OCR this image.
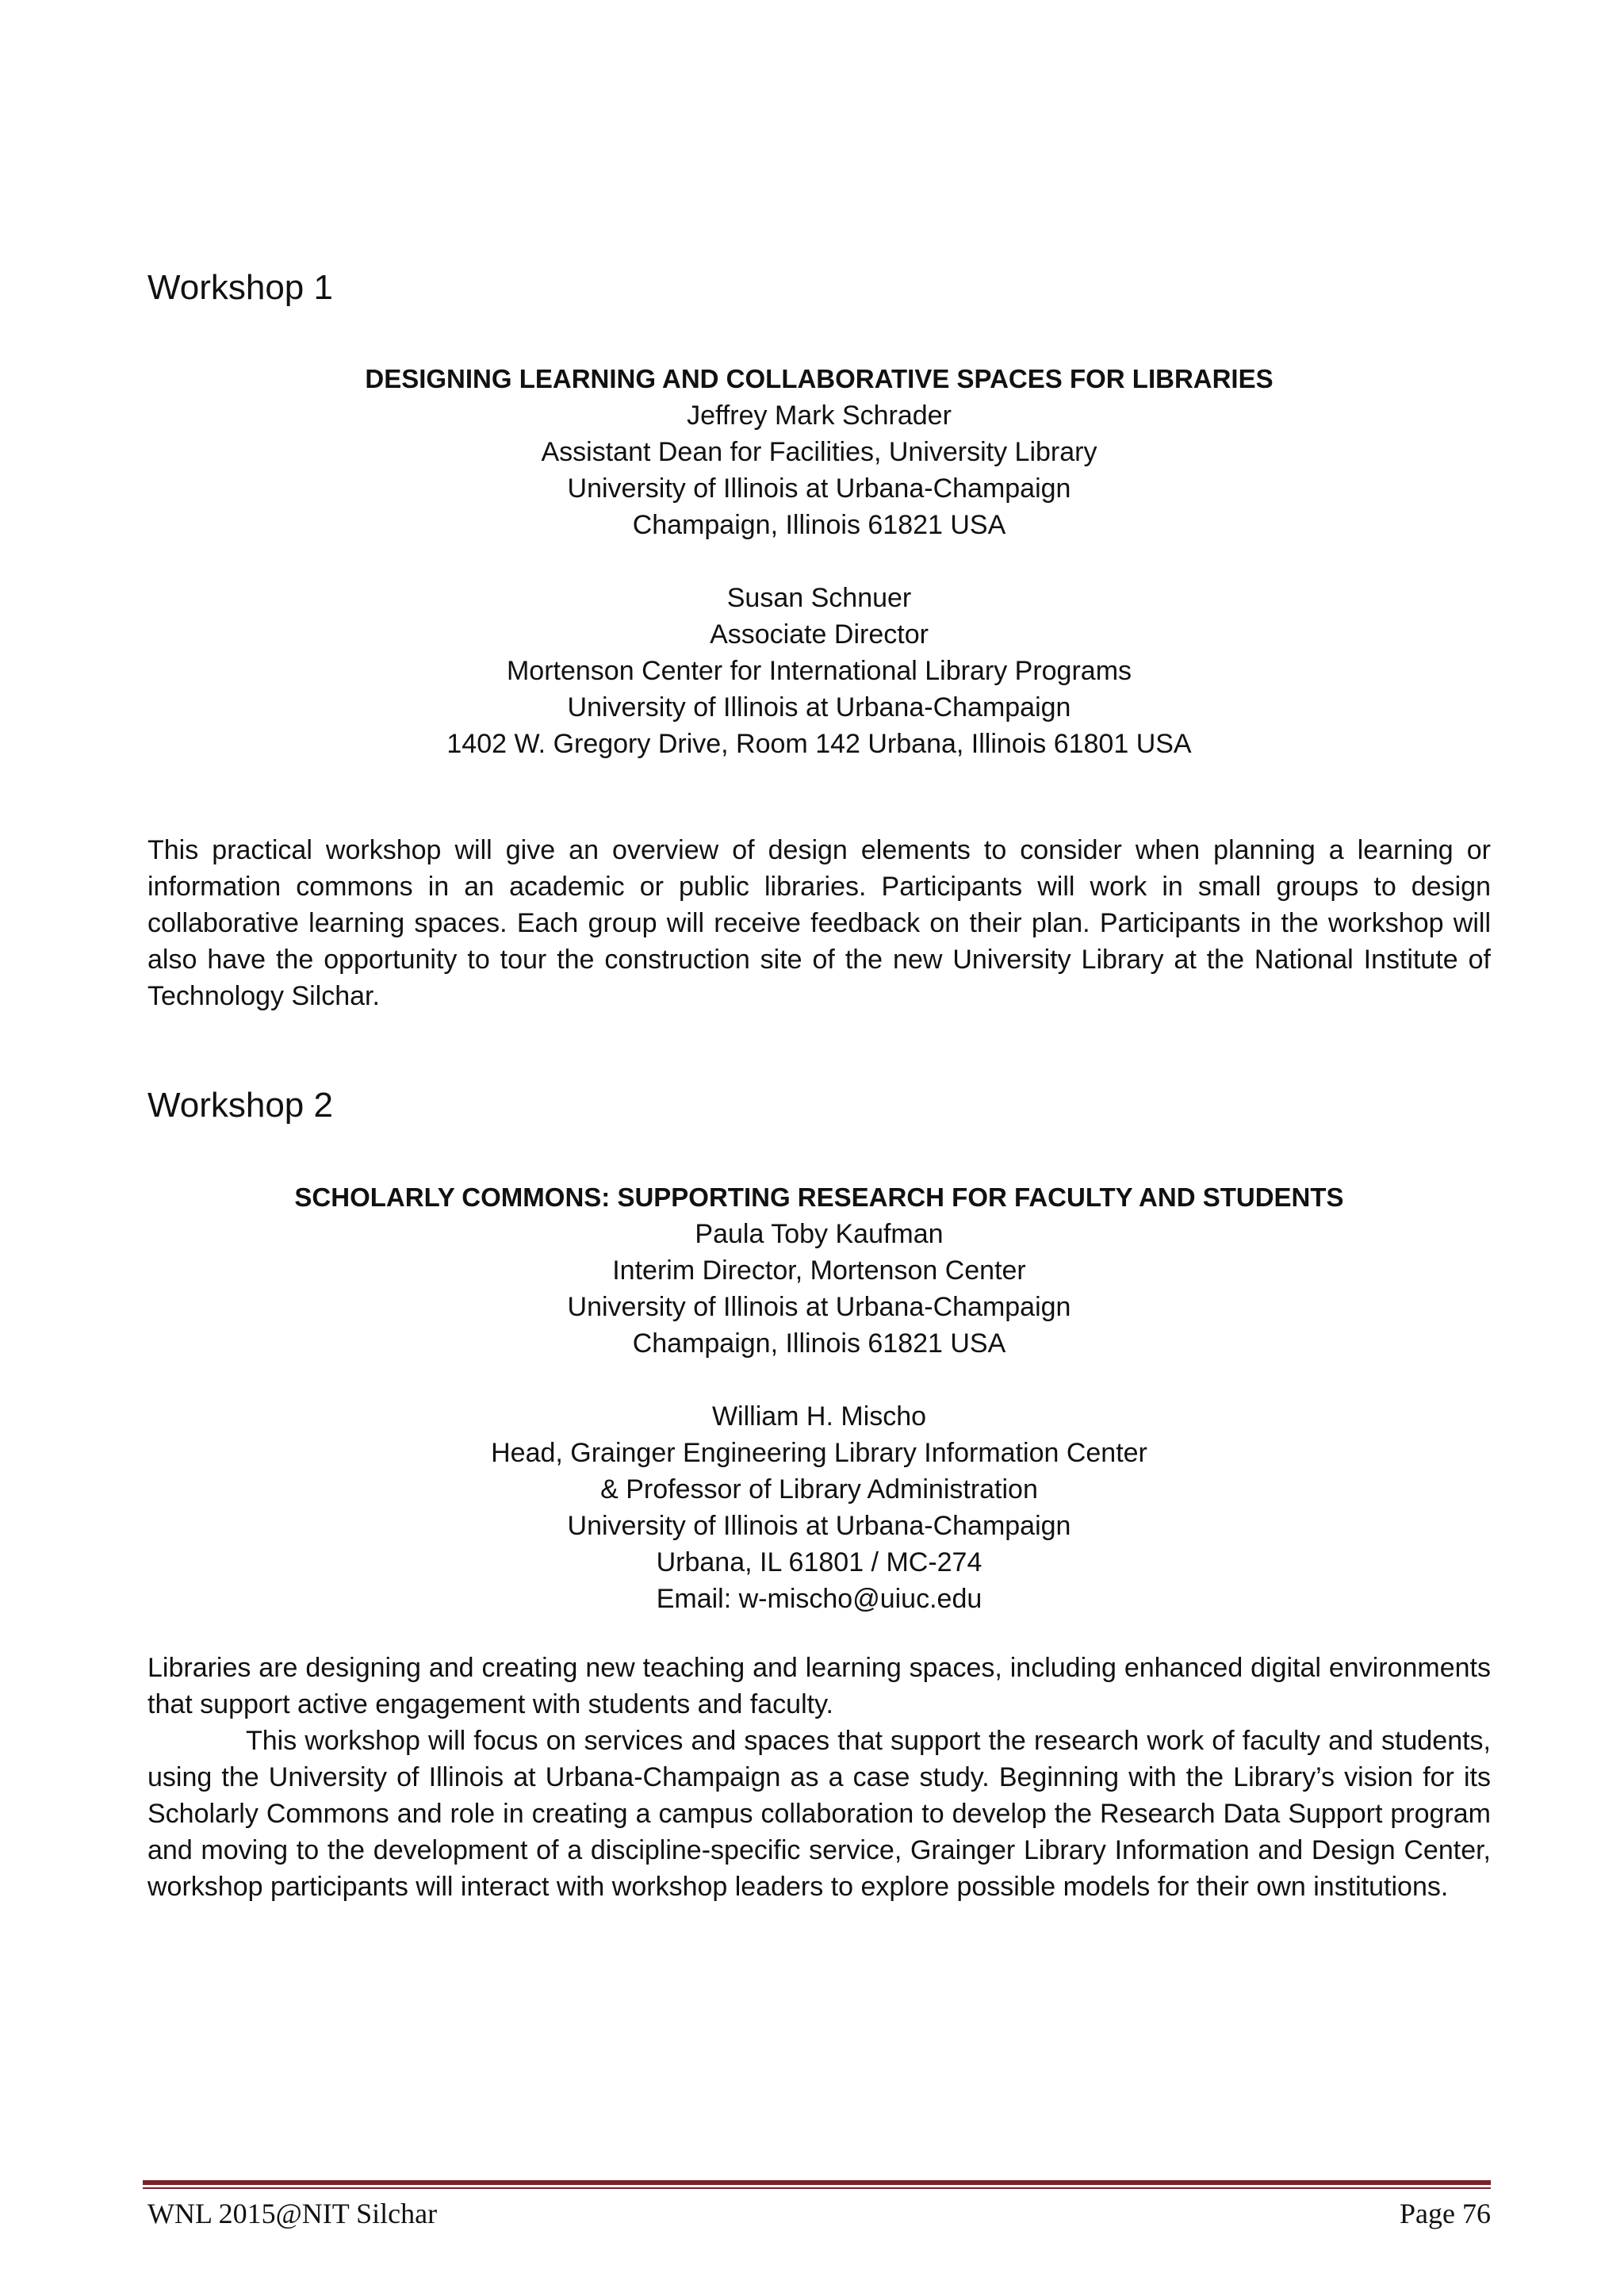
Workshop 1
DESIGNING LEARNING AND COLLABORATIVE SPACES FOR LIBRARIES
Jeffrey Mark Schrader
Assistant Dean for Facilities, University Library
University of Illinois at Urbana-Champaign
Champaign, Illinois 61821 USA
Susan Schnuer
Associate Director
Mortenson Center for International Library Programs
University of Illinois at Urbana-Champaign
1402 W. Gregory Drive, Room 142 Urbana, Illinois 61801 USA

This practical workshop will give an overview of design elements to consider when planning a learning or information commons in an academic or public libraries. Participants will work in small groups to design collaborative learning spaces. Each group will receive feedback on their plan. Participants in the workshop will also have the opportunity to tour the construction site of the new University Library at the National Institute of Technology Silchar.

Workshop 2
SCHOLARLY COMMONS: SUPPORTING RESEARCH FOR FACULTY AND STUDENTS
Paula Toby Kaufman
Interim Director, Mortenson Center
University of Illinois at Urbana-Champaign
Champaign, Illinois 61821 USA
William H. Mischo
Head, Grainger Engineering Library Information Center
& Professor of Library Administration
University of Illinois at Urbana-Champaign
Urbana, IL 61801 / MC-274
Email: w-mischo@uiuc.edu

Libraries are designing and creating new teaching and learning spaces, including enhanced digital environments that support active engagement with students and faculty.

This workshop will focus on services and spaces that support the research work of faculty and students, using the University of Illinois at Urbana-Champaign as a case study. Beginning with the Library’s vision for its Scholarly Commons and role in creating a campus collaboration to develop the Research Data Support program and moving to the development of a discipline-specific service, Grainger Library Information and Design Center, workshop participants will interact with workshop leaders to explore possible models for their own institutions.

WNL 2015@NIT Silchar	Page 76
